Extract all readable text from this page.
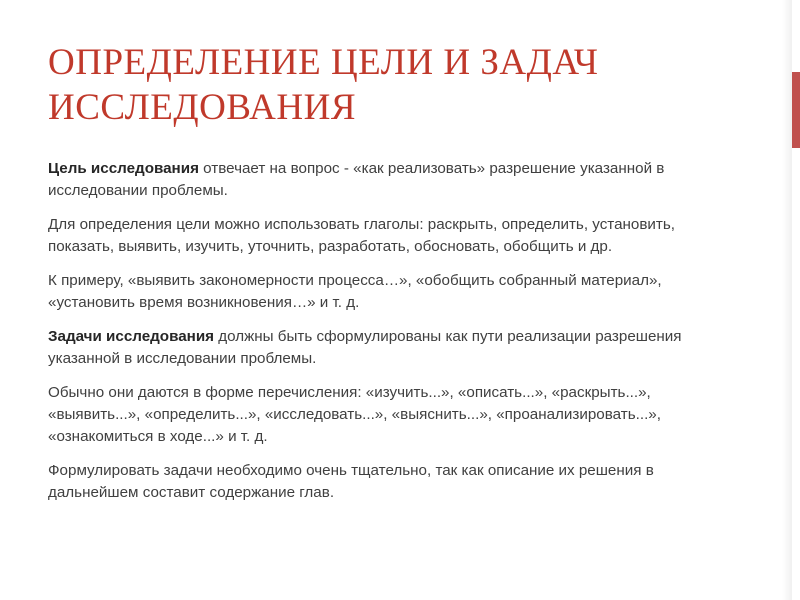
ОПРЕДЕЛЕНИЕ ЦЕЛИ И ЗАДАЧ ИССЛЕДОВАНИЯ

Цель исследования отвечает на вопрос - «как реализовать» разрешение указанной в исследовании проблемы.

Для определения цели можно использовать глаголы: раскрыть, определить, установить, показать, выявить, изучить, уточнить, разработать, обосновать, обобщить и др.

К примеру, «выявить закономерности процесса…», «обобщить собранный материал», «установить время возникновения…» и т. д.

Задачи исследования должны быть сформулированы как пути реализации разрешения указанной в исследовании проблемы.

Обычно они даются в форме перечисления: «изучить...», «описать...», «раскрыть...», «выявить...», «определить...», «исследовать...», «выяснить...», «проанализировать...», «ознакомиться в ходе...» и т. д.

Формулировать задачи необходимо очень тщательно, так как описание их решения в дальнейшем составит содержание глав.
